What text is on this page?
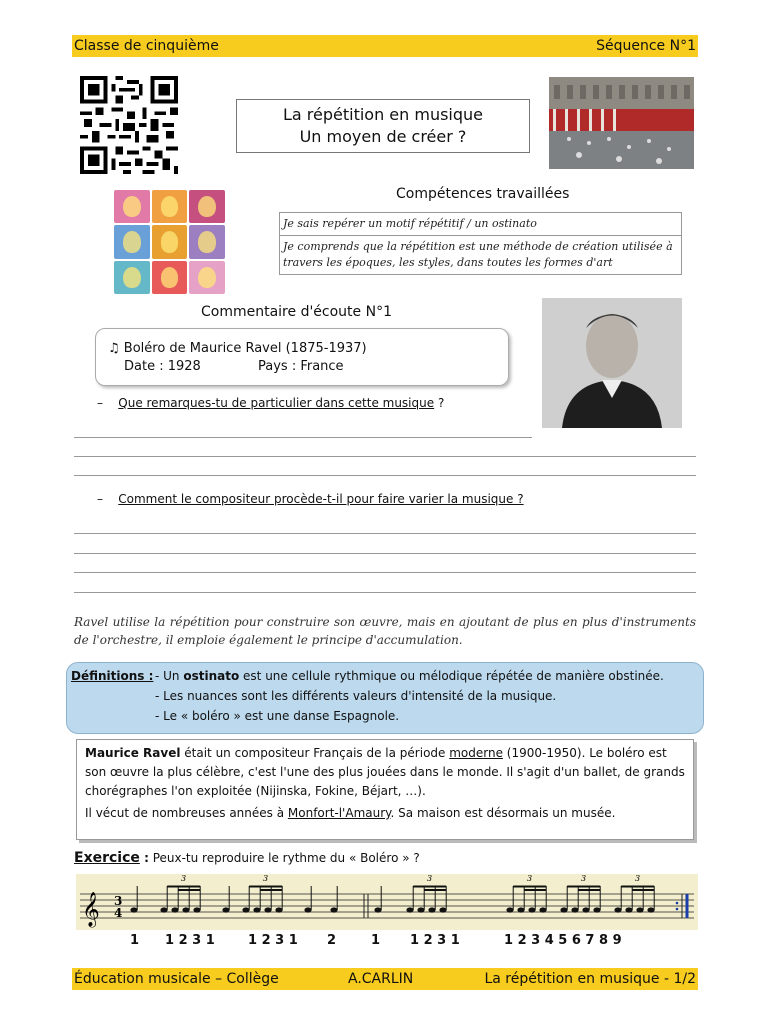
Classe de cinquième	Séquence N°1
La répétition en musique
Un moyen de créer ?
Compétences travaillées
Je sais repérer un motif répétitif / un ostinato
Je comprends que la répétition est une méthode de création utilisée à travers les époques, les styles, dans toutes les formes d'art
Commentaire d'écoute N°1
♫ Boléro de Maurice Ravel (1875-1937)
Date : 1928	Pays : France
– Que remarques-tu de particulier dans cette musique ?
– Comment le compositeur procède-t-il pour faire varier la musique ?
Ravel utilise la répétition pour construire son œuvre, mais en ajoutant de plus en plus d'instruments de l'orchestre, il emploie également le principe d'accumulation.
Définitions : - Un ostinato est une cellule rythmique ou mélodique répétée de manière obstinée.
- Les nuances sont les différents valeurs d'intensité de la musique.
- Le « boléro » est une danse Espagnole.
Maurice Ravel était un compositeur Français de la période moderne (1900-1950). Le boléro est son œuvre la plus célèbre, c'est l'une des plus jouées dans le monde. Il s'agit d'un ballet, de grands chorégraphes l'on exploitée (Nijinska, Fokine, Béjart, …).
Il vécut de nombreuses années à Monfort-l'Amaury. Sa maison est désormais un musée.
Exercice : Peux-tu reproduire le rythme du « Boléro » ?
𝄞 3
4
3	3	3	3	3	3
1 1 2 3 1	1 2 3 1 2	1 1 2 3 1	1 2 3 4 5 6 7 8 9
Éducation musicale – Collège	A.CARLIN	La répétition en musique - 1/2
